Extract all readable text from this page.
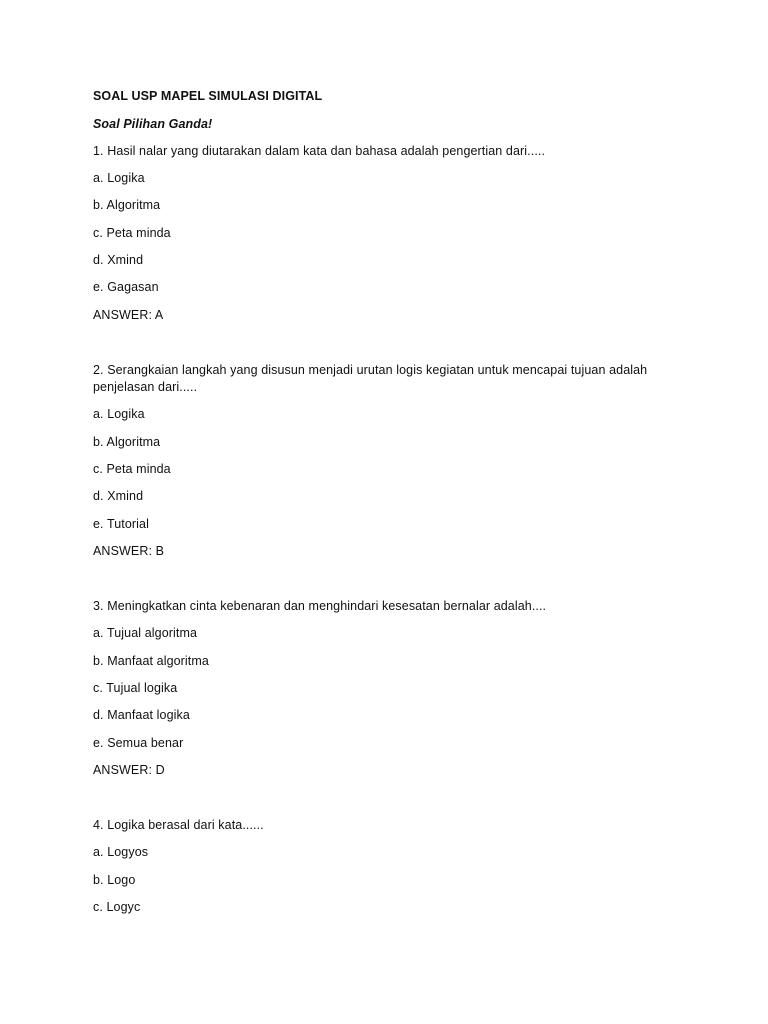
SOAL USP MAPEL SIMULASI DIGITAL
Soal Pilihan Ganda!
1. Hasil nalar yang diutarakan dalam kata dan bahasa adalah pengertian dari.....
a. Logika
b. Algoritma
c. Peta minda
d. Xmind
e. Gagasan
ANSWER: A
2. Serangkaian langkah yang disusun menjadi urutan logis kegiatan untuk mencapai tujuan adalah
penjelasan dari.....
a. Logika
b. Algoritma
c. Peta minda
d. Xmind
e. Tutorial
ANSWER: B
3. Meningkatkan cinta kebenaran dan menghindari kesesatan bernalar adalah....
a. Tujual algoritma
b. Manfaat algoritma
c. Tujual logika
d. Manfaat logika
e. Semua benar
ANSWER: D
4. Logika berasal dari kata......
a. Logyos
b. Logo
c. Logyc
